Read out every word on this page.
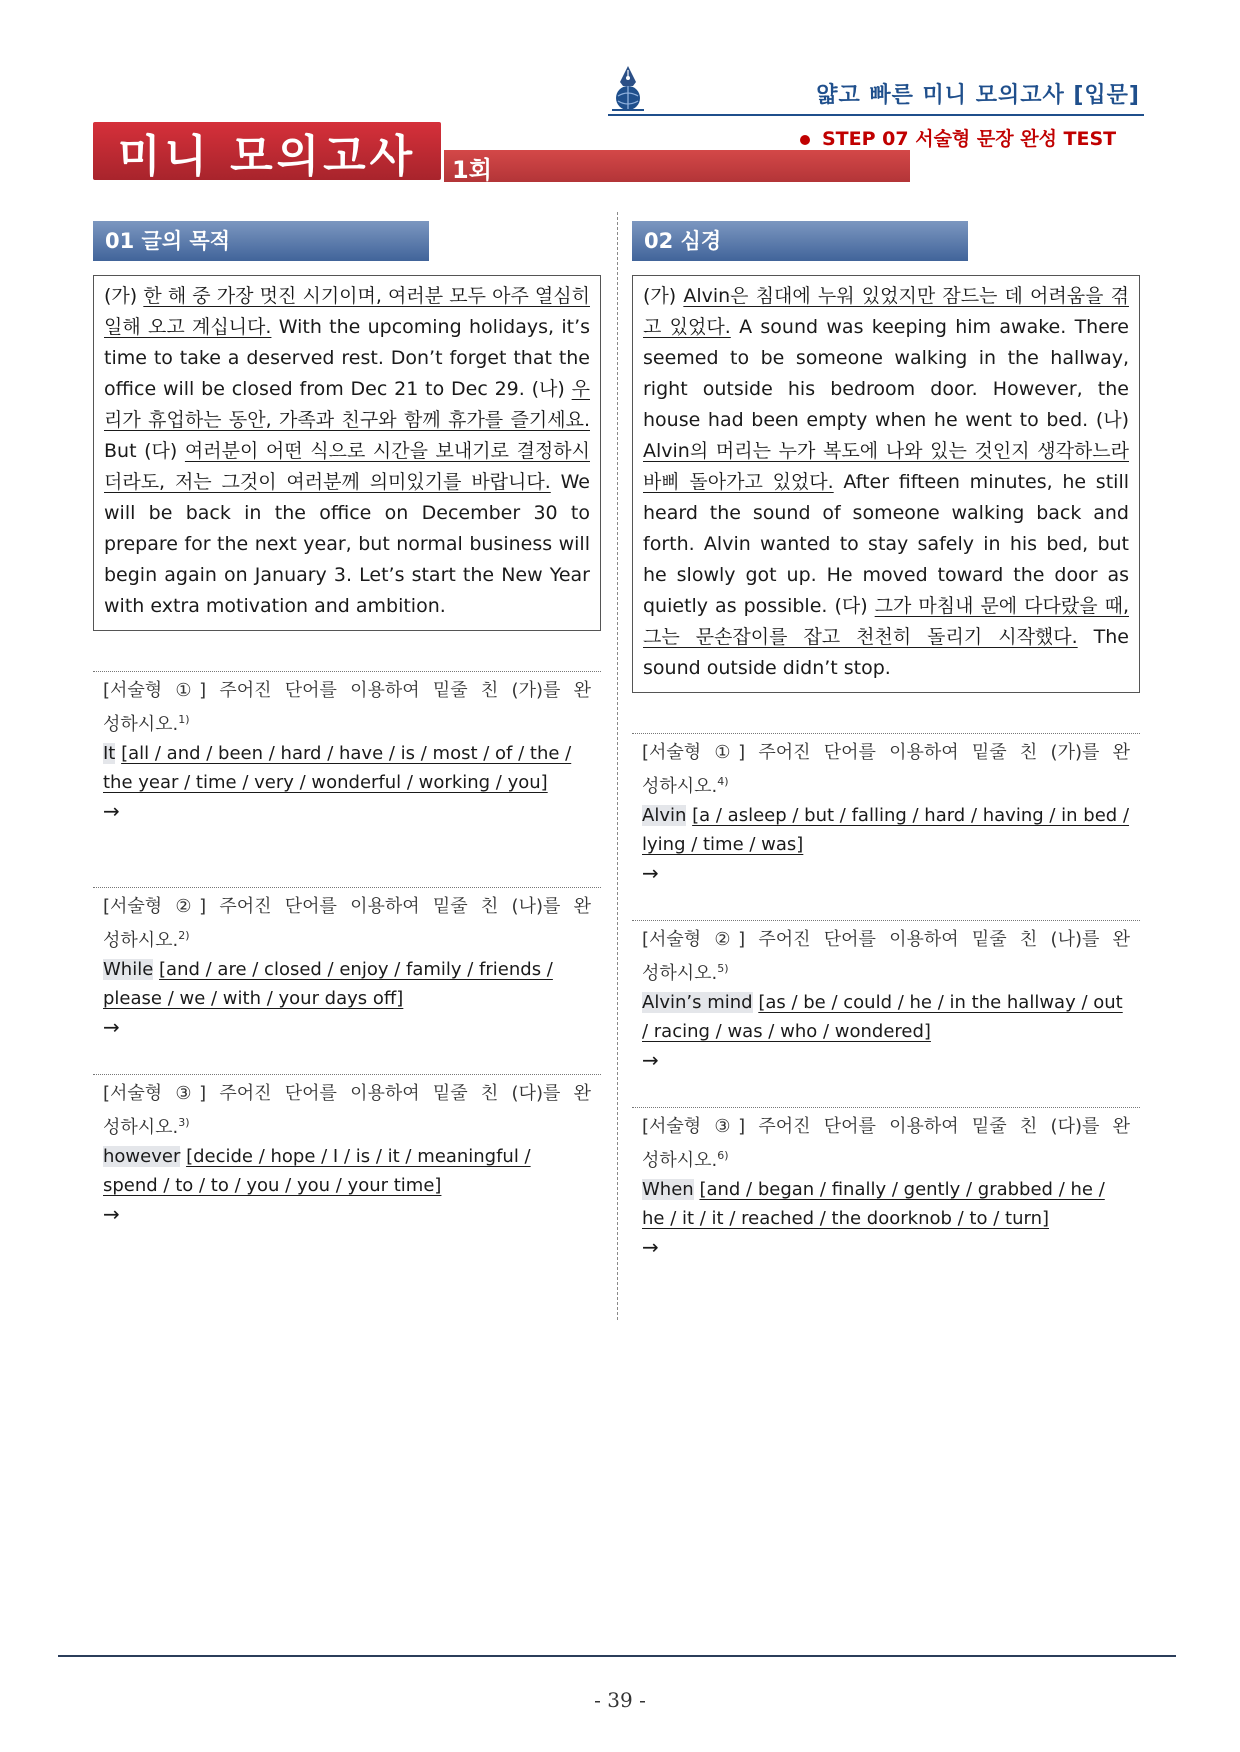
얇고 빠른 미니 모의고사 [입문]
STEP 07 서술형 문장 완성 TEST
미니 모의고사	1회
01 글의 목적	02 심경
(가) 한 해 중 가장 멋진 시기이며, 여러분 모두 아주 열심히 일해 오고 계십니다. With the upcoming holidays, it’s time to take a deserved rest. Don’t forget that the office will be closed from Dec 21 to Dec 29. (나) 우리가 휴업하는 동안, 가족과 친구와 함께 휴가를 즐기세요. But (다) 여러분이 어떤 식으로 시간을 보내기로 결정하시더라도, 저는 그것이 여러분께 의미있기를 바랍니다. We will be back in the office on December 30 to prepare for the next year, but normal business will begin again on January 3. Let’s start the New Year with extra motivation and ambition.
(가) Alvin은 침대에 누워 있었지만 잠드는 데 어려움을 겪고 있었다. A sound was keeping him awake. There seemed to be someone walking in the hallway, right outside his bedroom door. However, the house had been empty when he went to bed. (나) Alvin의 머리는 누가 복도에 나와 있는 것인지 생각하느라 바삐 돌아가고 있었다. After fifteen minutes, he still heard the sound of someone walking back and forth. Alvin wanted to stay safely in his bed, but he slowly got up. He moved toward the door as quietly as possible. (다) 그가 마침내 문에 다다랐을 때, 그는 문손잡이를 잡고 천천히 돌리기 시작했다. The sound outside didn’t stop.
[서술형 ①] 주어진 단어를 이용하여 밑줄 친 (가)를 완
성하시오.$^{1)}$
It [all / and / been / hard / have / is / most / of / the / the year / time / very / wonderful / working / you]
→
[서술형 ②] 주어진 단어를 이용하여 밑줄 친 (나)를 완
성하시오.$^{2)}$
While [and / are / closed / enjoy / family / friends / please / we / with / your days off]
→
[서술형 ③] 주어진 단어를 이용하여 밑줄 친 (다)를 완
성하시오.$^{3)}$
however [decide / hope / I / is / it / meaningful / spend / to / to / you / you / your time]
→
[서술형 ①] 주어진 단어를 이용하여 밑줄 친 (가)를 완
성하시오.$^{4)}$
Alvin [a / asleep / but / falling / hard / having / in bed / lying / time / was]
→
[서술형 ②] 주어진 단어를 이용하여 밑줄 친 (나)를 완
성하시오.$^{5)}$
Alvin’s mind [as / be / could / he / in the hallway / out / racing / was / who / wondered]
→
[서술형 ③] 주어진 단어를 이용하여 밑줄 친 (다)를 완
성하시오.$^{6)}$
When [and / began / finally / gently / grabbed / he / he / it / it / reached / the doorknob / to / turn]
→
- 39 -
